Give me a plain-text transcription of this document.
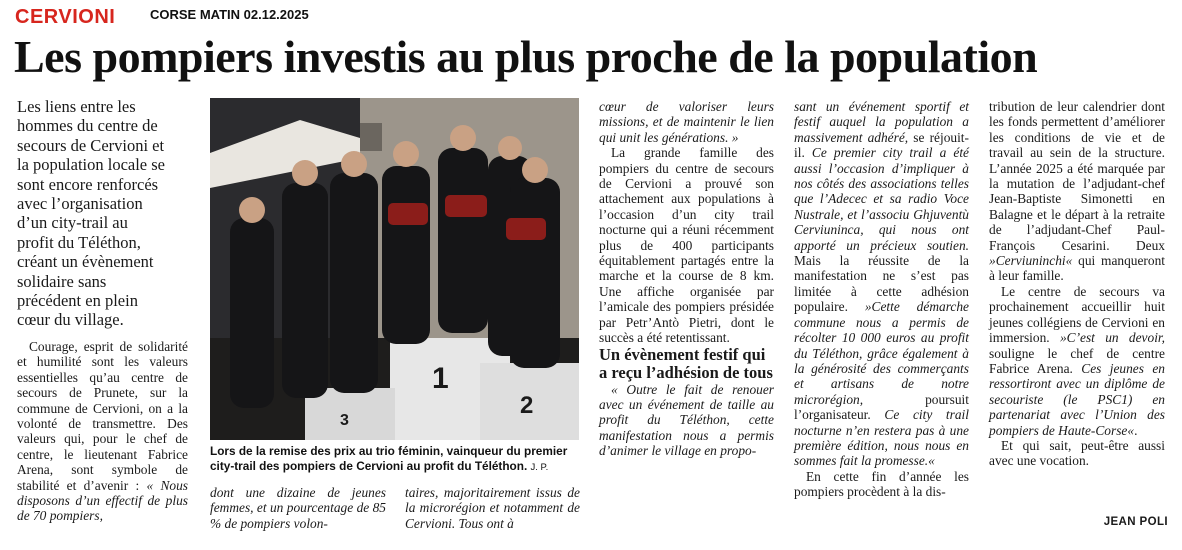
CERVIONI	CORSE MATIN 02.12.2025
Les pompiers investis au plus proche de la population

Les liens entre les hommes du centre de secours de Cervioni et la population locale se sont encore renforcés avec l’organisation d’un city-trail au profit du Téléthon, créant un évènement solidaire sans précédent en plein cœur du village.

Courage, esprit de solidarité et humilité sont les valeurs essentielles qu’au centre de secours de Prunete, sur la commune de Cervioni, on a la volonté de transmettre. Des valeurs qui, pour le chef de centre, le lieutenant Fabrice Arena, sont symbole de stabilité et d’avenir : « Nous disposons d’un effectif de plus de 70 pompiers,

1
2
3
Lors de la remise des prix au trio féminin, vainqueur du premier city-trail des pompiers de Cervioni au profit du Téléthon. J. P.

dont une dizaine de jeunes femmes, et un pourcentage de 85 % de pompiers volon-

taires, majoritairement issus de la microrégion et notamment de Cervioni. Tous ont à

cœur de valoriser leurs missions, et de maintenir le lien qui unit les générations. »

La grande famille des pompiers du centre de secours de Cervioni a prouvé son attachement aux populations à l’occasion d’un city trail nocturne qui a réuni récemment plus de 400 participants équitablement partagés entre la marche et la course de 8 km. Une affiche organisée par l’amicale des pompiers présidée par Petr’Antò Pietri, dont le succès a été retentissant.

Un évènement festif qui a reçu l’adhésion de tous

« Outre le fait de renouer avec un événement de taille au profit du Téléthon, cette manifestation nous a permis d’animer le village en propo-

sant un événement sportif et festif auquel la population a massivement adhéré, se réjouit-il. Ce premier city trail a été aussi l’occasion d’impliquer à nos côtés des associations telles que l’Adecec et sa radio Voce Nustrale, et l’associu Ghjuventù Cerviuninca, qui nous ont apporté un précieux soutien. Mais la réussite de la manifestation ne s’est pas limitée à cette adhésion populaire. »Cette démarche commune nous a permis de récolter 10 000 euros au profit du Téléthon, grâce également à la générosité des commerçants et artisans de notre microrégion,	poursuit l’organisateur. Ce city trail nocturne n’en restera pas à une première édition, nous nous en sommes fait la promesse.«

En cette fin d’année les pompiers procèdent à la dis-

tribution de leur calendrier dont les fonds permettent d’améliorer les conditions de vie et de travail au sein de la structure. L’année 2025 a été marquée par la mutation de l’adjudant-chef Jean-Baptiste Simonetti en Balagne et le départ à la retraite de l’adjudant-Chef Paul-François Cesarini. Deux »Cerviuninchi« qui manqueront à leur famille.

Le centre de secours va prochainement accueillir huit jeunes collégiens de Cervioni en immersion. »C’est un devoir, souligne le chef de centre Fabrice Arena. Ces jeunes en ressortiront avec un diplôme de secouriste (le PSC1) en partenariat avec l’Union des pompiers de Haute-Corse«.

Et qui sait, peut-être aussi avec une vocation.

JEAN POLI
